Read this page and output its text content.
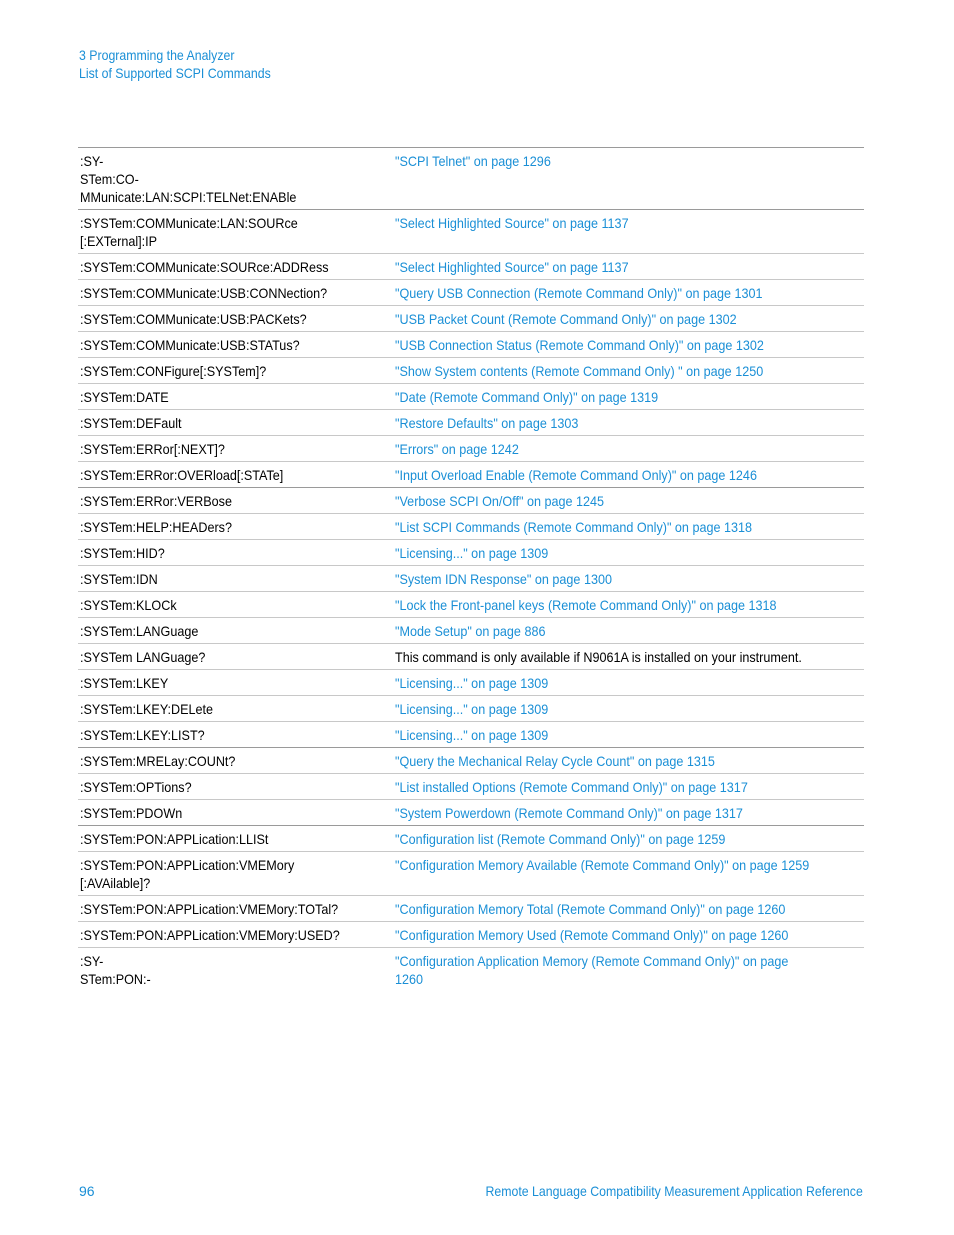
3 Programming the Analyzer
List of Supported SCPI Commands
:SY-
STem:CO-
MMunicate:LAN:SCPI:TELNet:ENABle	"SCPI Telnet" on page 1296
:SYSTem:COMMunicate:LAN:SOURce
[:EXTernal]:IP	"Select Highlighted Source" on page 1137
:SYSTem:COMMunicate:SOURce:ADDRess	"Select Highlighted Source" on page 1137
:SYSTem:COMMunicate:USB:CONNection?	"Query USB Connection (Remote Command Only)" on page 1301
:SYSTem:COMMunicate:USB:PACKets?	"USB Packet Count (Remote Command Only)" on page 1302
:SYSTem:COMMunicate:USB:STATus?	"USB Connection Status (Remote Command Only)" on page 1302
:SYSTem:CONFigure[:SYSTem]?	"Show System contents (Remote Command Only) " on page 1250
:SYSTem:DATE	"Date (Remote Command Only)" on page 1319
:SYSTem:DEFault	"Restore Defaults" on page 1303
:SYSTem:ERRor[:NEXT]?	"Errors" on page 1242
:SYSTem:ERRor:OVERload[:STATe]	"Input Overload Enable (Remote Command Only)" on page 1246
:SYSTem:ERRor:VERBose	"Verbose SCPI On/Off" on page 1245
:SYSTem:HELP:HEADers?	"List SCPI Commands (Remote Command Only)" on page 1318
:SYSTem:HID?	"Licensing..." on page 1309
:SYSTem:IDN	"System IDN Response" on page 1300
:SYSTem:KLOCk	"Lock the Front-panel keys (Remote Command Only)" on page 1318
:SYSTem:LANGuage	"Mode Setup" on page 886
:SYSTem LANGuage?	This command is only available if N9061A is installed on your instrument.
:SYSTem:LKEY	"Licensing..." on page 1309
:SYSTem:LKEY:DELete	"Licensing..." on page 1309
:SYSTem:LKEY:LIST?	"Licensing..." on page 1309
:SYSTem:MRELay:COUNt?	"Query the Mechanical Relay Cycle Count" on page 1315
:SYSTem:OPTions?	"List installed Options (Remote Command Only)" on page 1317
:SYSTem:PDOWn	"System Powerdown (Remote Command Only)" on page 1317
:SYSTem:PON:APPLication:LLISt	"Configuration list (Remote Command Only)" on page 1259
:SYSTem:PON:APPLication:VMEMory
[:AVAilable]?	"Configuration Memory Available (Remote Command Only)" on page 1259
:SYSTem:PON:APPLication:VMEMory:TOTal?	"Configuration Memory Total (Remote Command Only)" on page 1260
:SYSTem:PON:APPLication:VMEMory:USED?	"Configuration Memory Used (Remote Command Only)" on page 1260
:SY-
STem:PON:-	"Configuration Application Memory (Remote Command Only)" on page
1260
96	Remote Language Compatibility Measurement Application Reference
